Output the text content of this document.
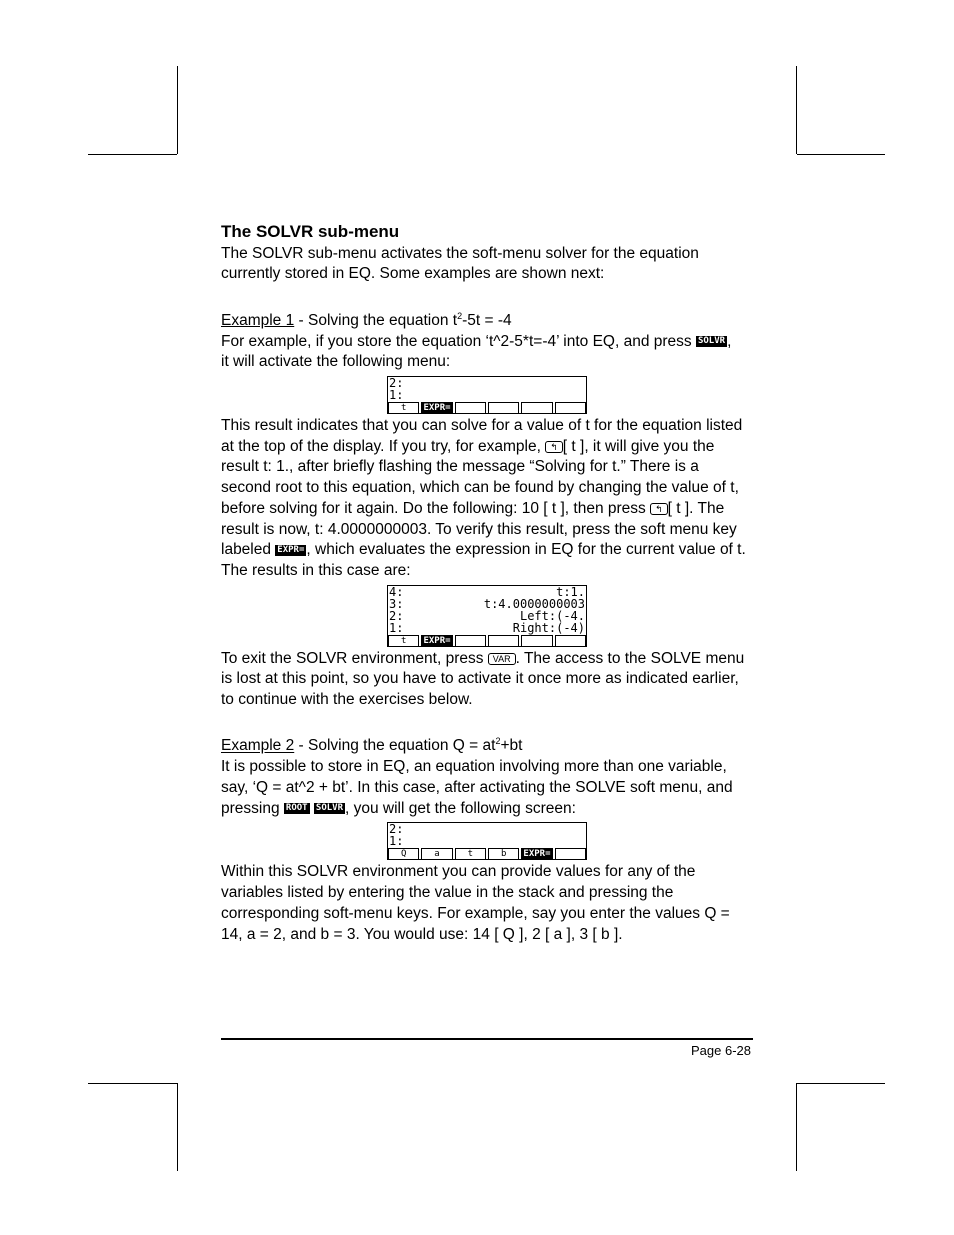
The SOLVR sub-menu

The SOLVR sub-menu activates the soft-menu solver for the equation currently stored in EQ. Some examples are shown next:

Example 1 - Solving the equation $t^2-5t = -4$

For example, if you store the equation ‘t^2-5*t=-4’ into EQ, and press SOLVR ,

it will activate the following menu:

2:
1:
t	EXPR=

This result indicates that you can solve for a value of t for the equation listed at the top of the display. If you try, for example, ↰ [ t ], it will give you the result t: 1., after briefly flashing the message “Solving for t.” There is a second root to this equation, which can be found by changing the value of t, before solving for it again. Do the following: 10 [ t ], then press ↰ [ t ]. The result is now, t: 4.0000000003. To verify this result, press the soft menu key labeled EXPR= , which evaluates the expression in EQ for the current value of t. The results in this case are:

4:	t:1.
3:	t:4.0000000003
2:	Left:(-4.
1:	Right:(-4)
t	EXPR=

To exit the SOLVR environment, press VAR . The access to the SOLVE menu is lost at this point, so you have to activate it once more as indicated earlier, to continue with the exercises below.

Example 2 - Solving the equation $Q = at^2+bt$

It is possible to store in EQ, an equation involving more than one variable, say, ‘Q = at^2 + bt’. In this case, after activating the SOLVE soft menu, and pressing ROOT SOLVR , you will get the following screen:

2:
1:
Q	a	t	b	EXPR=

Within this SOLVR environment you can provide values for any of the variables listed by entering the value in the stack and pressing the corresponding soft-menu keys. For example, say you enter the values Q = 14, a = 2, and b = 3. You would use: 14 [ Q ], 2 [ a ], 3 [ b ].

Page 6-28
